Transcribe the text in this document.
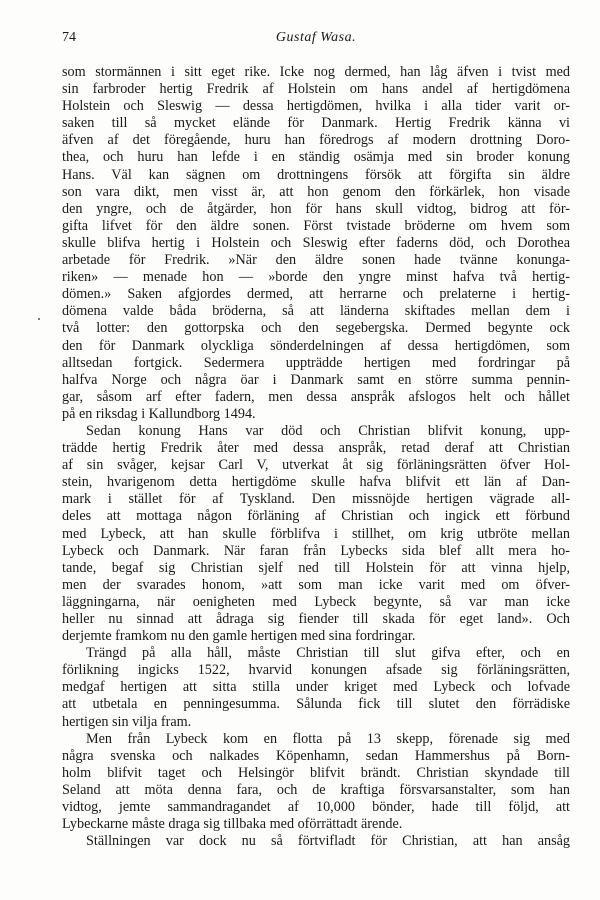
74	Gustaf Wasa.
som stormännen i sitt eget rike. Icke nog dermed, han låg äfven i tvist med
sin farbroder hertig Fredrik af Holstein om hans andel af hertigdömena
Holstein och Sleswig — dessa hertigdömen, hvilka i alla tider varit or-
saken till så mycket elände för Danmark. Hertig Fredrik känna vi
äfven af det föregående, huru han föredrogs af modern drottning Doro-
thea, och huru han lefde i en ständig osämja med sin broder konung
Hans. Väl kan sägnen om drottningens försök att förgifta sin äldre
son vara dikt, men visst är, att hon genom den förkärlek, hon visade
den yngre, och de åtgärder, hon för hans skull vidtog, bidrog att för-
gifta lifvet för den äldre sonen. Först tvistade bröderne om hvem som
skulle blifva hertig i Holstein och Sleswig efter faderns död, och Dorothea
arbetade för Fredrik. »När den äldre sonen hade tvänne konunga-
riken» — menade hon — »borde den yngre minst hafva två hertig-
dömen.» Saken afgjordes dermed, att herrarne och prelaterne i hertig-
dömena valde båda bröderna, så att länderna skiftades mellan dem i
två lotter: den gottorpska och den segebergska. Dermed begynte ock
den för Danmark olyckliga sönderdelningen af dessa hertigdömen, som
alltsedan fortgick. Sedermera uppträdde hertigen med fordringar på
halfva Norge och några öar i Danmark samt en större summa pennin-
gar, såsom arf efter fadern, men dessa anspråk afslogos helt och hållet
på en riksdag i Kallundborg 1494.
Sedan konung Hans var död och Christian blifvit konung, upp-
trädde hertig Fredrik åter med dessa anspråk, retad deraf att Christian
af sin svåger, kejsar Carl V, utverkat åt sig förläningsrätten öfver Hol-
stein, hvarigenom detta hertigdöme skulle hafva blifvit ett län af Dan-
mark i stället för af Tyskland. Den missnöjde hertigen vägrade all-
deles att mottaga någon förläning af Christian och ingick ett förbund
med Lybeck, att han skulle förblifva i stillhet, om krig utbröte mellan
Lybeck och Danmark. När faran från Lybecks sida blef allt mera ho-
tande, begaf sig Christian sjelf ned till Holstein för att vinna hjelp,
men der svarades honom, »att som man icke varit med om öfver-
läggningarna, när oenigheten med Lybeck begynte, så var man icke
heller nu sinnad att ådraga sig fiender till skada för eget land». Och
derjemte framkom nu den gamle hertigen med sina fordringar.
Trängd på alla håll, måste Christian till slut gifva efter, och en
förlikning ingicks 1522, hvarvid konungen afsade sig förläningsrätten,
medgaf hertigen att sitta stilla under kriget med Lybeck och lofvade
att utbetala en penningesumma. Sålunda fick till slutet den förrädiske
hertigen sin vilja fram.
Men från Lybeck kom en flotta på 13 skepp, förenade sig med
några svenska och nalkades Köpenhamn, sedan Hammershus på Born-
holm blifvit taget och Helsingör blifvit brändt. Christian skyndade till
Seland att möta denna fara, och de kraftiga försvarsanstalter, som han
vidtog, jemte sammandragandet af 10,000 bönder, hade till följd, att
Lybeckarne måste draga sig tillbaka med oförrättadt ärende.
Ställningen var dock nu så förtvifladt för Christian, att han ansåg
